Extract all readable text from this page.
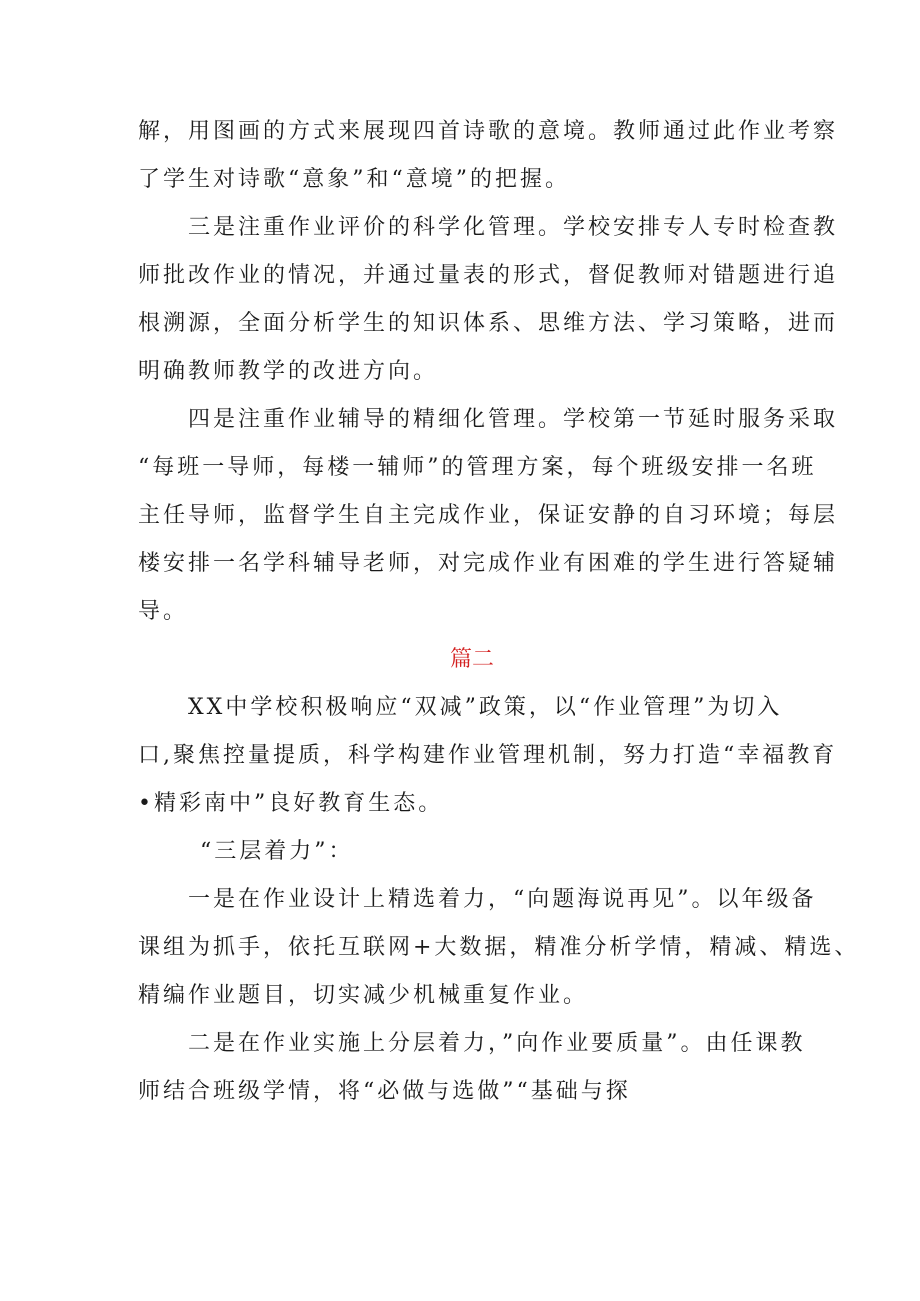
解，用图画的方式来展现四首诗歌的意境。教师通过此作业考察
了学生对诗歌“意象”和“意境”的把握。
三是注重作业评价的科学化管理。学校安排专人专时检查教
师批改作业的情况，并通过量表的形式，督促教师对错题进行追
根溯源，全面分析学生的知识体系、思维方法、学习策略，进而
明确教师教学的改进方向。
四是注重作业辅导的精细化管理。学校第一节延时服务采取
“每班一导师，每楼一辅师”的管理方案，每个班级安排一名班
主任导师，监督学生自主完成作业，保证安静的自习环境；每层
楼安排一名学科辅导老师，对完成作业有困难的学生进行答疑辅
导。
篇二
XX中学校积极响应“双减”政策，以“作业管理”为切入
口,聚焦控量提质，科学构建作业管理机制，努力打造“幸福教育
•精彩南中”良好教育生态。
“三层着力”：
一是在作业设计上精选着力，“向题海说再见”。以年级备
课组为抓手，依托互联网+大数据，精准分析学情，精减、精选、
精编作业题目，切实减少机械重复作业。
二是在作业实施上分层着力，”向作业要质量”。由任课教
师结合班级学情，将“必做与选做”“基础与探
